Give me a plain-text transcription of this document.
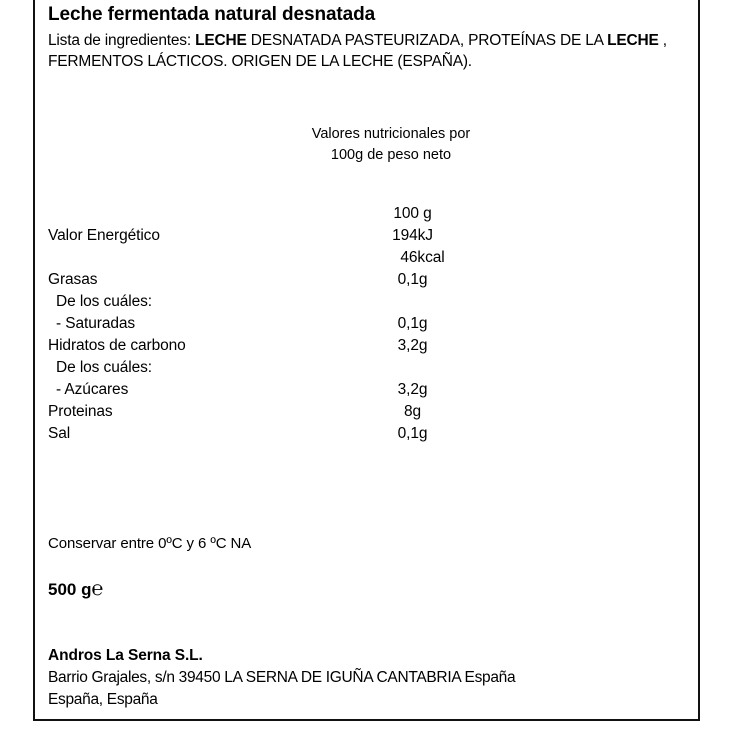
Leche fermentada natural desnatada
Lista de ingredientes: LECHE DESNATADA PASTEURIZADA, PROTEÍNAS DE LA LECHE , FERMENTOS LÁCTICOS. ORIGEN DE LA LECHE (ESPAÑA).
Valores nutricionales por
100g de peso neto
100 g
Valor Energético	194kJ
46kcal
Grasas	0,1g
De los cuáles:
- Saturadas	0,1g
Hidratos de carbono	3,2g
De los cuáles:
- Azúcares	3,2g
Proteinas	8g
Sal	0,1g
Conservar entre 0ºC y 6 ºC NA
500 g℮
Andros La Serna S.L.
Barrio Grajales, s/n 39450 LA SERNA DE IGUÑA CANTABRIA España
España, España
